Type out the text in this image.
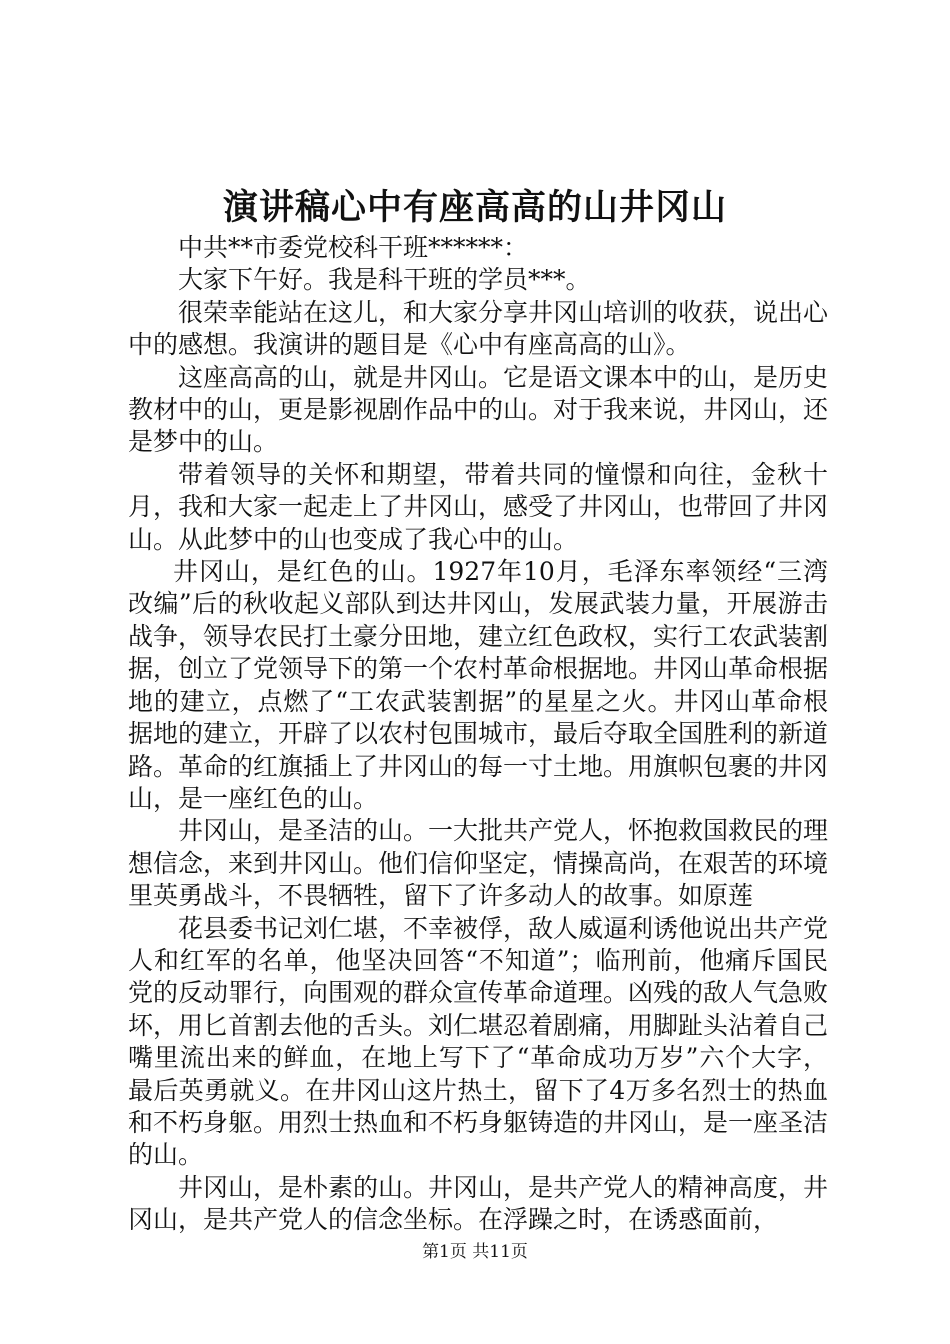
演讲稿心中有座高高的山井冈山

中共**市委党校科干班******：

大家下午好。我是科干班的学员***。

很荣幸能站在这儿，和大家分享井冈山培训的收获，说出心中的感想。我演讲的题目是《心中有座高高的山》。

这座高高的山，就是井冈山。它是语文课本中的山，是历史教材中的山，更是影视剧作品中的山。对于我来说，井冈山，还是梦中的山。

带着领导的关怀和期望，带着共同的憧憬和向往，金秋十月，我和大家一起走上了井冈山，感受了井冈山，也带回了井冈山。从此梦中的山也变成了我心中的山。

井冈山，是红色的山。1927年10月，毛泽东率领经“三湾改编”后的秋收起义部队到达井冈山，发展武装力量，开展游击战争，领导农民打土豪分田地，建立红色政权，实行工农武装割据，创立了党领导下的第一个农村革命根据地。井冈山革命根据地的建立，点燃了“工农武装割据”的星星之火。井冈山革命根据地的建立，开辟了以农村包围城市，最后夺取全国胜利的新道路。革命的红旗插上了井冈山的每一寸土地。用旗帜包裹的井冈山，是一座红色的山。

井冈山，是圣洁的山。一大批共产党人，怀抱救国救民的理想信念，来到井冈山。他们信仰坚定，情操高尚，在艰苦的环境里英勇战斗，不畏牺牲，留下了许多动人的故事。如原莲

花县委书记刘仁堪，不幸被俘，敌人威逼利诱他说出共产党人和红军的名单，他坚决回答“不知道”；临刑前，他痛斥国民党的反动罪行，向围观的群众宣传革命道理。凶残的敌人气急败坏，用匕首割去他的舌头。刘仁堪忍着剧痛，用脚趾头沾着自己嘴里流出来的鲜血，在地上写下了“革命成功万岁”六个大字，最后英勇就义。在井冈山这片热土，留下了4万多名烈士的热血和不朽身躯。用烈士热血和不朽身躯铸造的井冈山，是一座圣洁的山。

井冈山，是朴素的山。井冈山，是共产党人的精神高度，井冈山，是共产党人的信念坐标。在浮躁之时，在诱惑面前，

第1页 共11页
